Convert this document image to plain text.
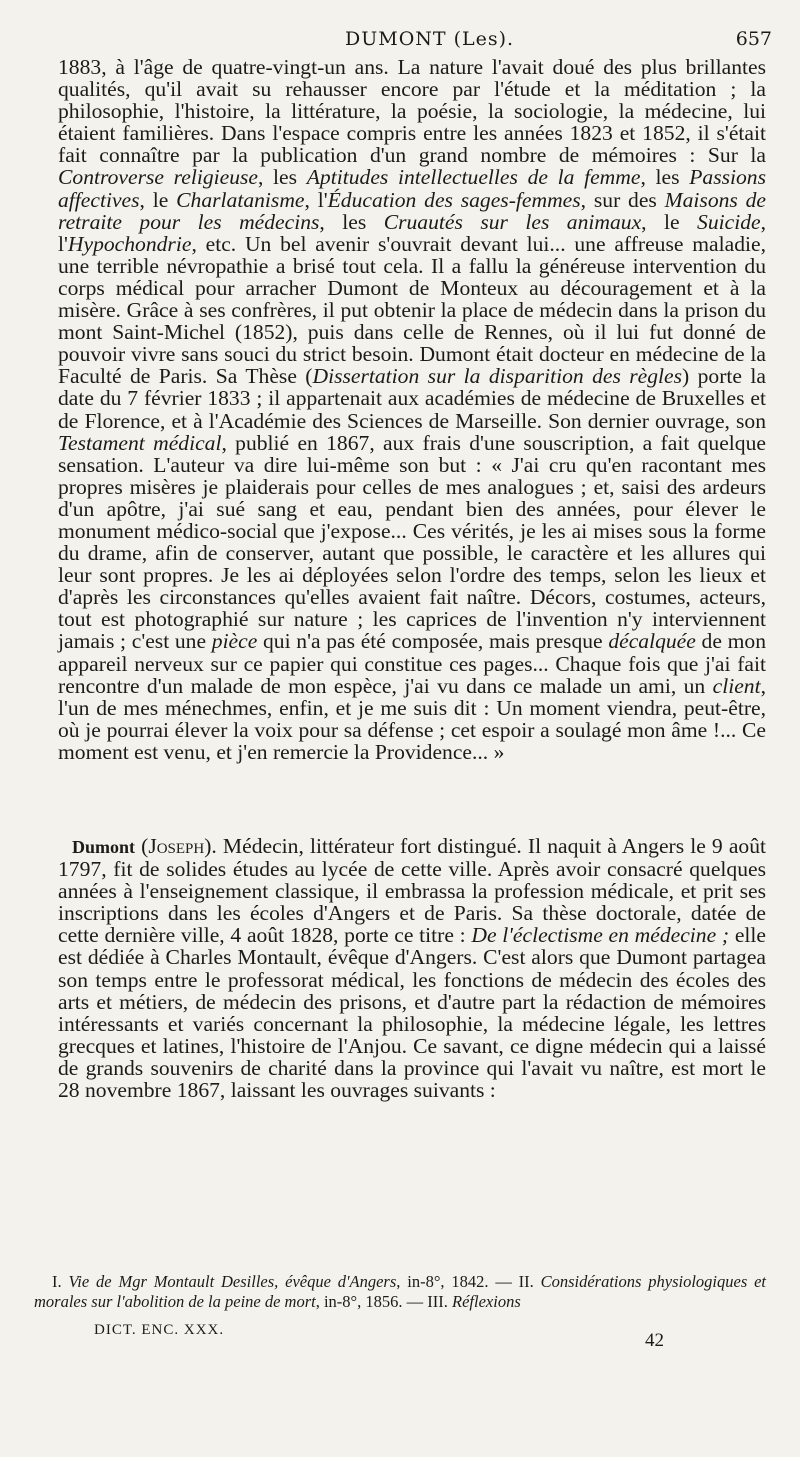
DUMONT (Les).	657

1883, à l'âge de quatre-vingt-un ans. La nature l'avait doué des plus brillantes qualités, qu'il avait su rehausser encore par l'étude et la méditation ; la philosophie, l'histoire, la littérature, la poésie, la sociologie, la médecine, lui étaient familières. Dans l'espace compris entre les années 1823 et 1852, il s'était fait connaître par la publication d'un grand nombre de mémoires : Sur la Controverse religieuse, les Aptitudes intellectuelles de la femme, les Passions affectives, le Charlatanisme, l'Éducation des sages-femmes, sur des Maisons de retraite pour les médecins, les Cruautés sur les animaux, le Suicide, l'Hypochondrie, etc. Un bel avenir s'ouvrait devant lui... une affreuse maladie, une terrible névropathie a brisé tout cela. Il a fallu la généreuse intervention du corps médical pour arracher Dumont de Monteux au découragement et à la misère. Grâce à ses confrères, il put obtenir la place de médecin dans la prison du mont Saint-Michel (1852), puis dans celle de Rennes, où il lui fut donné de pouvoir vivre sans souci du strict besoin. Dumont était docteur en médecine de la Faculté de Paris. Sa Thèse (Dissertation sur la disparition des règles) porte la date du 7 février 1833 ; il appartenait aux académies de médecine de Bruxelles et de Florence, et à l'Académie des Sciences de Marseille. Son dernier ouvrage, son Testament médical, publié en 1867, aux frais d'une souscription, a fait quelque sensation. L'auteur va dire lui-même son but : « J'ai cru qu'en racontant mes propres misères je plaiderais pour celles de mes analogues ; et, saisi des ardeurs d'un apôtre, j'ai sué sang et eau, pendant bien des années, pour élever le monument médico-social que j'expose... Ces vérités, je les ai mises sous la forme du drame, afin de conserver, autant que possible, le caractère et les allures qui leur sont propres. Je les ai déployées selon l'ordre des temps, selon les lieux et d'après les circonstances qu'elles avaient fait naître. Décors, costumes, acteurs, tout est photographié sur nature ; les caprices de l'invention n'y interviennent jamais ; c'est une pièce qui n'a pas été composée, mais presque décalquée de mon appareil nerveux sur ce papier qui constitue ces pages... Chaque fois que j'ai fait rencontre d'un malade de mon espèce, j'ai vu dans ce malade un ami, un client, l'un de mes ménechmes, enfin, et je me suis dit : Un moment viendra, peut-être, où je pourrai élever la voix pour sa défense ; cet espoir a soulagé mon âme !... Ce moment est venu, et j'en remercie la Providence... »

Dumont (Joseph). Médecin, littérateur fort distingué. Il naquit à Angers le 9 août 1797, fit de solides études au lycée de cette ville. Après avoir consacré quelques années à l'enseignement classique, il embrassa la profession médicale, et prit ses inscriptions dans les écoles d'Angers et de Paris. Sa thèse doctorale, datée de cette dernière ville, 4 août 1828, porte ce titre : De l'éclectisme en médecine ; elle est dédiée à Charles Montault, évêque d'Angers. C'est alors que Dumont partagea son temps entre le professorat médical, les fonctions de médecin des écoles des arts et métiers, de médecin des prisons, et d'autre part la rédaction de mémoires intéressants et variés concernant la philosophie, la médecine légale, les lettres grecques et latines, l'histoire de l'Anjou. Ce savant, ce digne médecin qui a laissé de grands souvenirs de charité dans la province qui l'avait vu naître, est mort le 28 novembre 1867, laissant les ouvrages suivants :

I. Vie de Mgr Montault Desilles, évêque d'Angers, in-8°, 1842. — II. Considérations physiologiques et morales sur l'abolition de la peine de mort, in-8°, 1856. — III. Réflexions

DICT. ENC. XXX.	42
